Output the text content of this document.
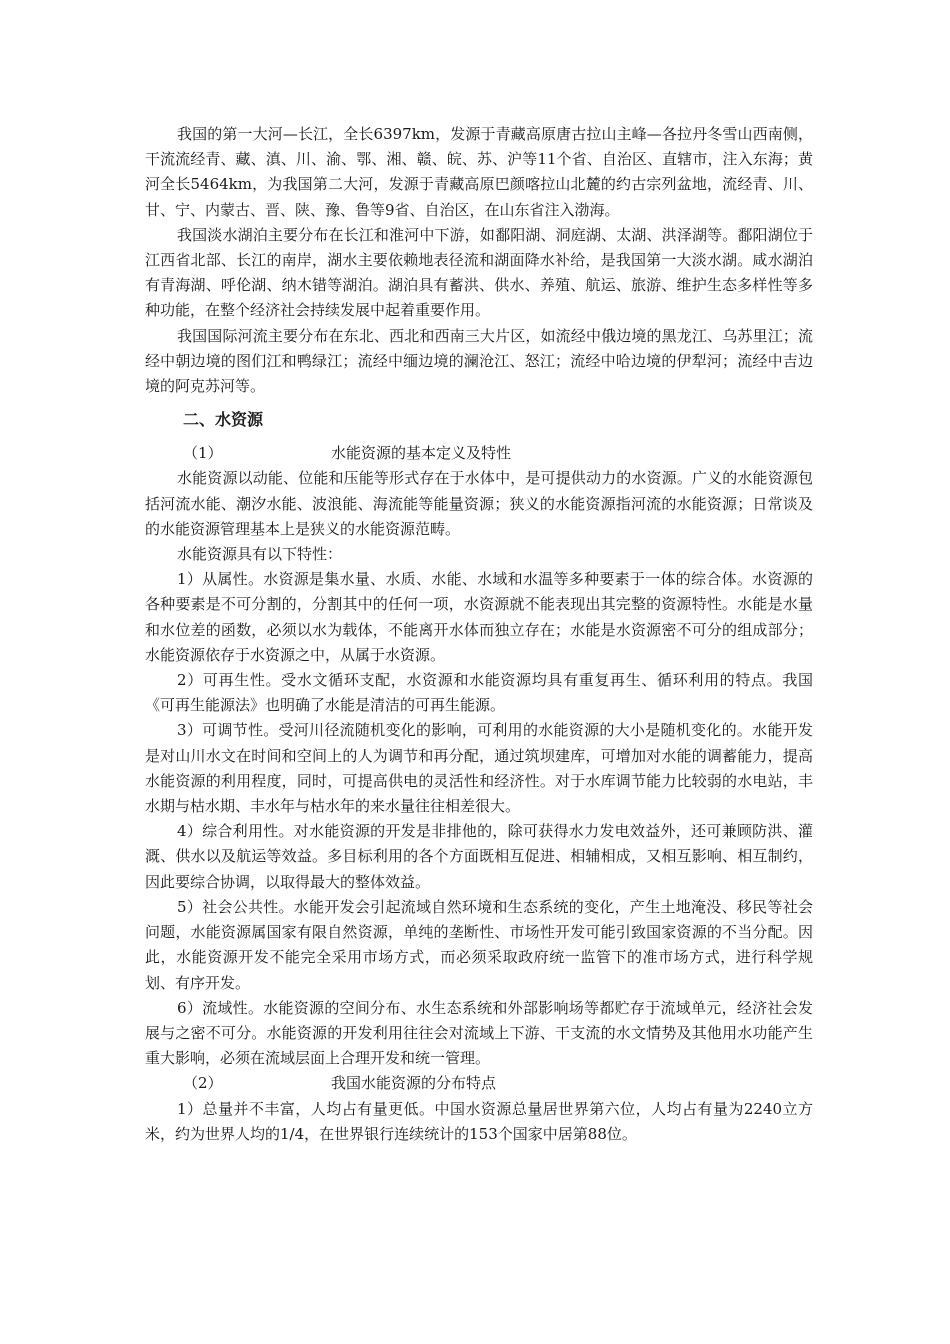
我国的第一大河—长江，全长6397km，发源于青藏高原唐古拉山主峰—各拉丹冬雪山西南侧，干流流经青、藏、滇、川、渝、鄂、湘、赣、皖、苏、沪等11个省、自治区、直辖市，注入东海；黄河全长5464km，为我国第二大河，发源于青藏高原巴颜喀拉山北麓的约古宗列盆地，流经青、川、甘、宁、内蒙古、晋、陕、豫、鲁等9省、自治区，在山东省注入渤海。

我国淡水湖泊主要分布在长江和淮河中下游，如鄱阳湖、洞庭湖、太湖、洪泽湖等。鄱阳湖位于江西省北部、长江的南岸，湖水主要依赖地表径流和湖面降水补给，是我国第一大淡水湖。咸水湖泊有青海湖、呼伦湖、纳木错等湖泊。湖泊具有蓄洪、供水、养殖、航运、旅游、维护生态多样性等多种功能，在整个经济社会持续发展中起着重要作用。

我国国际河流主要分布在东北、西北和西南三大片区，如流经中俄边境的黑龙江、乌苏里江；流经中朝边境的图们江和鸭绿江；流经中缅边境的澜沧江、怒江；流经中哈边境的伊犁河；流经中吉边境的阿克苏河等。

二、水资源

（1）	水能资源的基本定义及特性

水能资源以动能、位能和压能等形式存在于水体中，是可提供动力的水资源。广义的水能资源包括河流水能、潮汐水能、波浪能、海流能等能量资源；狭义的水能资源指河流的水能资源；日常谈及的水能资源管理基本上是狭义的水能资源范畴。

水能资源具有以下特性：

1）从属性。水资源是集水量、水质、水能、水域和水温等多种要素于一体的综合体。水资源的各种要素是不可分割的，分割其中的任何一项，水资源就不能表现出其完整的资源特性。水能是水量和水位差的函数，必须以水为载体，不能离开水体而独立存在；水能是水资源密不可分的组成部分；水能资源依存于水资源之中，从属于水资源。

2）可再生性。受水文循环支配，水资源和水能资源均具有重复再生、循环利用的特点。我国《可再生能源法》也明确了水能是清洁的可再生能源。

3）可调节性。受河川径流随机变化的影响，可利用的水能资源的大小是随机变化的。水能开发是对山川水文在时间和空间上的人为调节和再分配，通过筑坝建库，可增加对水能的调蓄能力，提高水能资源的利用程度，同时，可提高供电的灵活性和经济性。对于水库调节能力比较弱的水电站，丰水期与枯水期、丰水年与枯水年的来水量往往相差很大。

4）综合利用性。对水能资源的开发是非排他的，除可获得水力发电效益外，还可兼顾防洪、灌溉、供水以及航运等效益。多目标利用的各个方面既相互促进、相辅相成，又相互影响、相互制约，因此要综合协调，以取得最大的整体效益。

5）社会公共性。水能开发会引起流域自然环境和生态系统的变化，产生土地淹没、移民等社会问题，水能资源属国家有限自然资源，单纯的垄断性、市场性开发可能引致国家资源的不当分配。因此，水能资源开发不能完全采用市场方式，而必须采取政府统一监管下的准市场方式，进行科学规划、有序开发。

6）流域性。水能资源的空间分布、水生态系统和外部影响场等都贮存于流域单元，经济社会发展与之密不可分。水能资源的开发利用往往会对流域上下游、干支流的水文情势及其他用水功能产生重大影响，必须在流域层面上合理开发和统一管理。

（2）	我国水能资源的分布特点

1）总量并不丰富，人均占有量更低。中国水资源总量居世界第六位，人均占有量为2240立方米，约为世界人均的1/4，在世界银行连续统计的153个国家中居第88位。
